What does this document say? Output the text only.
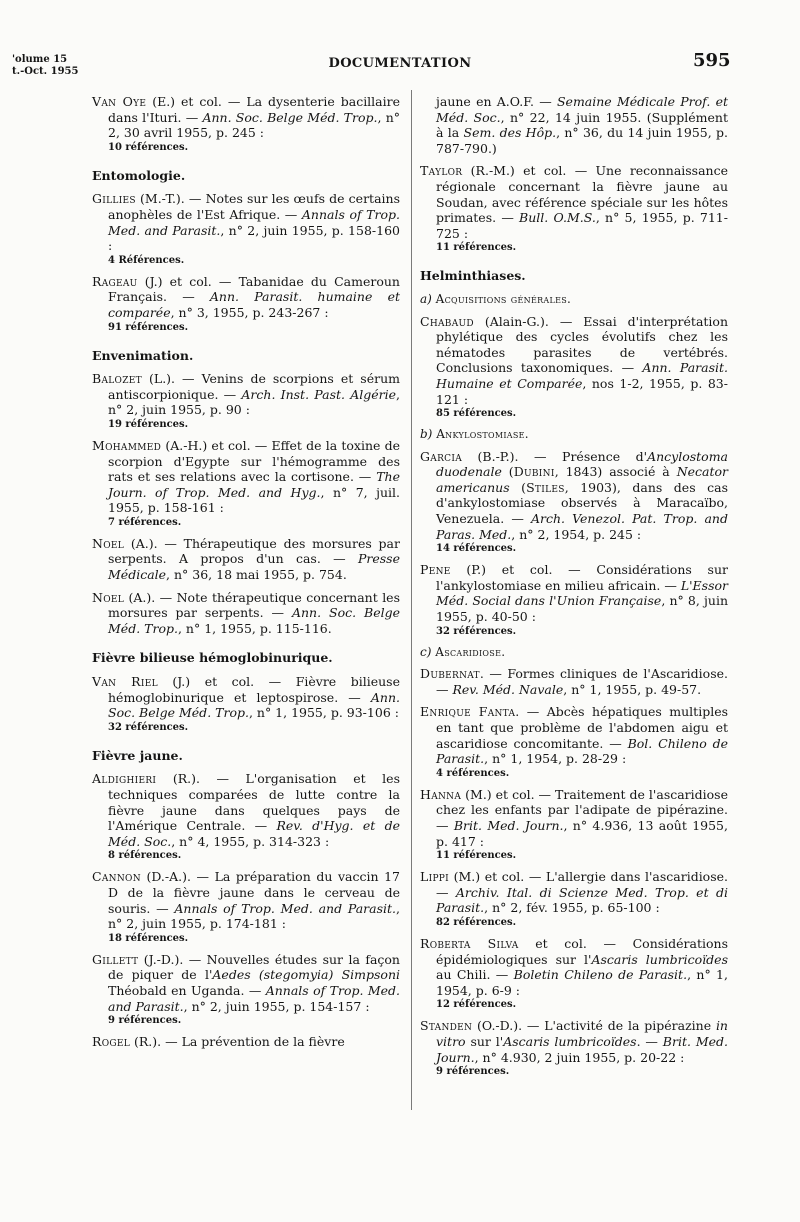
'olume 15
t.-Oct. 1955
DOCUMENTATION	595

Van Oye (E.) et col. — La dysenterie bacillaire dans l'Ituri. — Ann. Soc. Belge Méd. Trop., n° 2, 30 avril 1955, p. 245 :
10 références.

Entomologie.

Gillies (M.-T.). — Notes sur les œufs de certains anophèles de l'Est Afrique. — Annals of Trop. Med. and Parasit., n° 2, juin 1955, p. 158-160 :
4 Références.

Rageau (J.) et col. — Tabanidae du Cameroun Français. — Ann. Parasit. humaine et comparée, n° 3, 1955, p. 243-267 :
91 références.

Envenimation.

Balozet (L.). — Venins de scorpions et sérum antiscorpionique. — Arch. Inst. Past. Algérie, n° 2, juin 1955, p. 90 :
19 références.

Mohammed (A.-H.) et col. — Effet de la toxine de scorpion d'Egypte sur l'hémogramme des rats et ses relations avec la cortisone. — The Journ. of Trop. Med. and Hyg., n° 7, juil. 1955, p. 158-161 :
7 références.

Noel (A.). — Thérapeutique des morsures par serpents. A propos d'un cas. — Presse Médicale, n° 36, 18 mai 1955, p. 754.

Noel (A.). — Note thérapeutique concernant les morsures par serpents. — Ann. Soc. Belge Méd. Trop., n° 1, 1955, p. 115-116.

Fièvre bilieuse hémoglobinurique.

Van Riel (J.) et col. — Fièvre bilieuse hémoglobinurique et leptospirose. — Ann. Soc. Belge Méd. Trop., n° 1, 1955, p. 93-106 :
32 références.

Fièvre jaune.

Aldighieri (R.). — L'organisation et les techniques comparées de lutte contre la fièvre jaune dans quelques pays de l'Amérique Centrale. — Rev. d'Hyg. et de Méd. Soc., n° 4, 1955, p. 314-323 :
8 références.

Cannon (D.-A.). — La préparation du vaccin 17 D de la fièvre jaune dans le cerveau de souris. — Annals of Trop. Med. and Parasit., n° 2, juin 1955, p. 174-181 :
18 références.

Gillett (J.-D.). — Nouvelles études sur la façon de piquer de l'Aedes (stegomyia) Simpsoni Théobald en Uganda. — Annals of Trop. Med. and Parasit., n° 2, juin 1955, p. 154-157 :
9 références.

Rogel (R.). — La prévention de la fièvre

jaune en A.O.F. — Semaine Médicale Prof. et Méd. Soc., n° 22, 14 juin 1955. (Supplément à la Sem. des Hôp., n° 36, du 14 juin 1955, p. 787-790.)

Taylor (R.-M.) et col. — Une reconnaissance régionale concernant la fièvre jaune au Soudan, avec référence spéciale sur les hôtes primates. — Bull. O.M.S., n° 5, 1955, p. 711-725 :
11 références.

Helminthiases.
a) Acquisitions générales.

Chabaud (Alain-G.). — Essai d'interprétation phylétique des cycles évolutifs chez les nématodes parasites de vertébrés. Conclusions taxonomiques. — Ann. Parasit. Humaine et Comparée, nos 1-2, 1955, p. 83-121 :
85 références.

b) Ankylostomiase.

Garcia (B.-P.). — Présence d'Ancylostoma duodenale (Dubini, 1843) associé à Necator americanus (Stiles, 1903), dans des cas d'ankylostomiase observés à Maracaïbo, Venezuela. — Arch. Venezol. Pat. Trop. and Paras. Med., n° 2, 1954, p. 245 :
14 références.

Pene (P.) et col. — Considérations sur l'ankylostomiase en milieu africain. — L'Essor Méd. Social dans l'Union Française, n° 8, juin 1955, p. 40-50 :
32 références.

c) Ascaridiose.

Dubernat. — Formes cliniques de l'Ascaridiose. — Rev. Méd. Navale, n° 1, 1955, p. 49-57.

Enrique Fanta. — Abcès hépatiques multiples en tant que problème de l'abdomen aigu et ascaridiose concomitante. — Bol. Chileno de Parasit., n° 1, 1954, p. 28-29 :
4 références.

Hanna (M.) et col. — Traitement de l'ascaridiose chez les enfants par l'adipate de pipérazine. — Brit. Med. Journ., n° 4.936, 13 août 1955, p. 417 :
11 références.

Lippi (M.) et col. — L'allergie dans l'ascaridiose. — Archiv. Ital. di Scienze Med. Trop. et di Parasit., n° 2, fév. 1955, p. 65-100 :
82 références.

Roberta Silva et col. — Considérations épidémiologiques sur l'Ascaris lumbricoïdes au Chili. — Boletin Chileno de Parasit., n° 1, 1954, p. 6-9 :
12 références.

Standen (O.-D.). — L'activité de la pipérazine in vitro sur l'Ascaris lumbricoïdes. — Brit. Med. Journ., n° 4.930, 2 juin 1955, p. 20-22 :
9 références.
